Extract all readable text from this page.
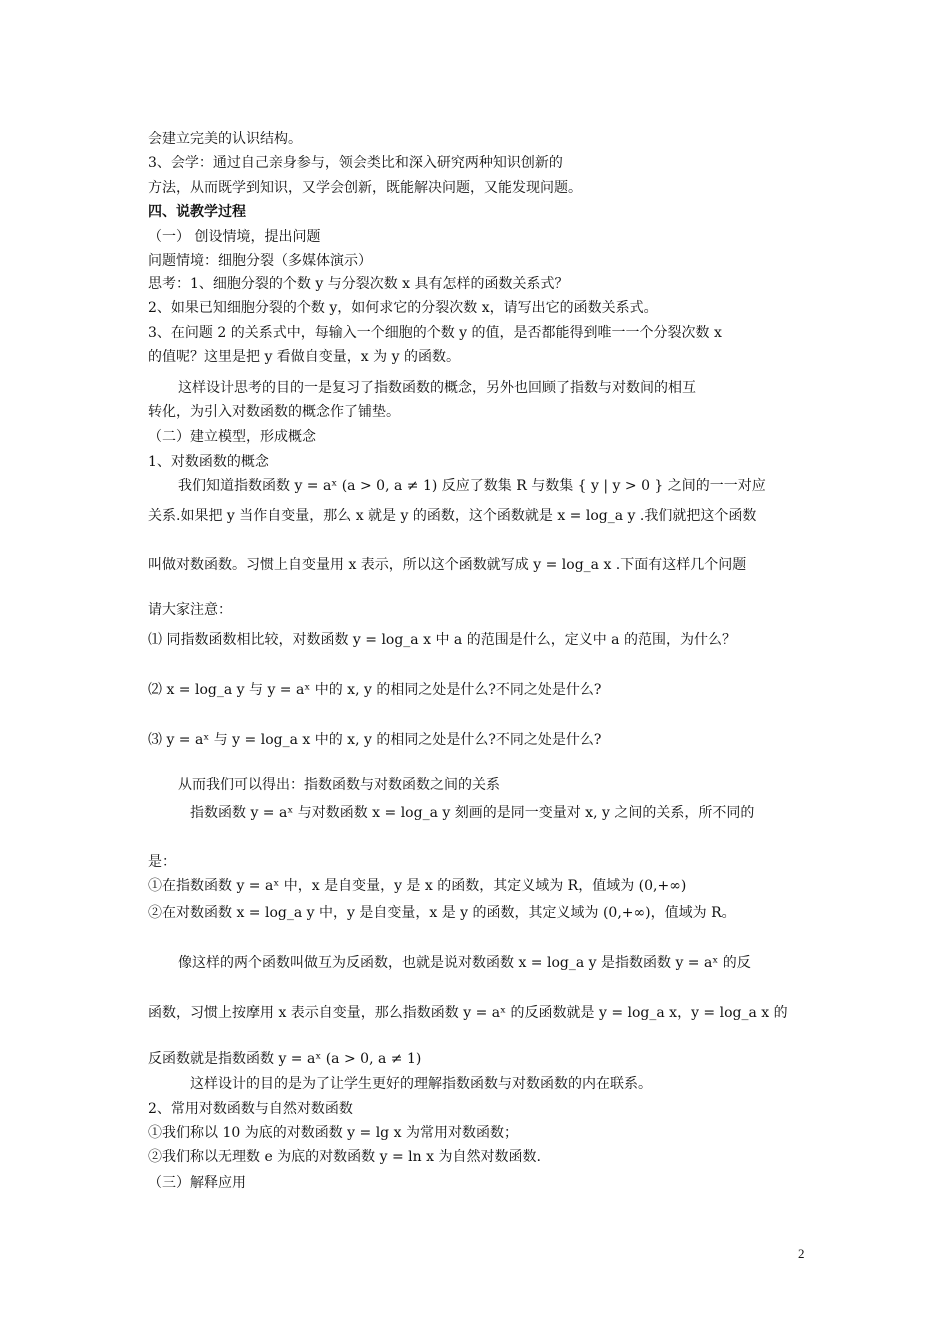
会建立完美的认识结构。
3、会学：通过自己亲身参与，领会类比和深入研究两种知识创新的
方法，从而既学到知识，又学会创新，既能解决问题，又能发现问题。
四、说教学过程
（一） 创设情境，提出问题
问题情境：细胞分裂（多媒体演示）
思考：1、细胞分裂的个数 y 与分裂次数 x 具有怎样的函数关系式？
2、如果已知细胞分裂的个数 y，如何求它的分裂次数 x，请写出它的函数关系式。
3、在问题 2 的关系式中，每输入一个细胞的个数 y 的值，是否都能得到唯一一个分裂次数 x
的值呢？这里是把 y 看做自变量，x 为 y 的函数。
这样设计思考的目的一是复习了指数函数的概念，另外也回顾了指数与对数间的相互
转化，为引入对数函数的概念作了铺垫。
（二）建立模型，形成概念
1、对数函数的概念
我们知道指数函数 y = aˣ (a > 0, a ≠ 1) 反应了数集 R 与数集 { y | y > 0 } 之间的一一对应
关系.如果把 y 当作自变量，那么 x 就是 y 的函数，这个函数就是 x = log_a y .我们就把这个函数
叫做对数函数。习惯上自变量用 x 表示，所以这个函数就写成 y = log_a x .下面有这样几个问题
请大家注意：
⑴ 同指数函数相比较，对数函数 y = log_a x 中 a 的范围是什么，定义中 a 的范围，为什么？
⑵ x = log_a y 与 y = aˣ 中的 x, y 的相同之处是什么?不同之处是什么?
⑶ y = aˣ 与 y = log_a x 中的 x, y 的相同之处是什么?不同之处是什么?
从而我们可以得出：指数函数与对数函数之间的关系
指数函数 y = aˣ 与对数函数 x = log_a y 刻画的是同一变量对 x, y 之间的关系，所不同的
是：
①在指数函数 y = aˣ 中，x 是自变量，y 是 x 的函数，其定义域为 R，值域为 (0,+∞)
②在对数函数 x = log_a y 中，y 是自变量，x 是 y 的函数，其定义域为 (0,+∞)，值域为 R。
像这样的两个函数叫做互为反函数，也就是说对数函数 x = log_a y 是指数函数 y = aˣ 的反
函数，习惯上按摩用 x 表示自变量，那么指数函数 y = aˣ 的反函数就是 y = log_a x，y = log_a x 的
反函数就是指数函数 y = aˣ (a > 0, a ≠ 1)
这样设计的目的是为了让学生更好的理解指数函数与对数函数的内在联系。
2、常用对数函数与自然对数函数
①我们称以 10 为底的对数函数 y = lg x 为常用对数函数；
②我们称以无理数 e 为底的对数函数 y = ln x 为自然对数函数.
（三）解释应用
2
